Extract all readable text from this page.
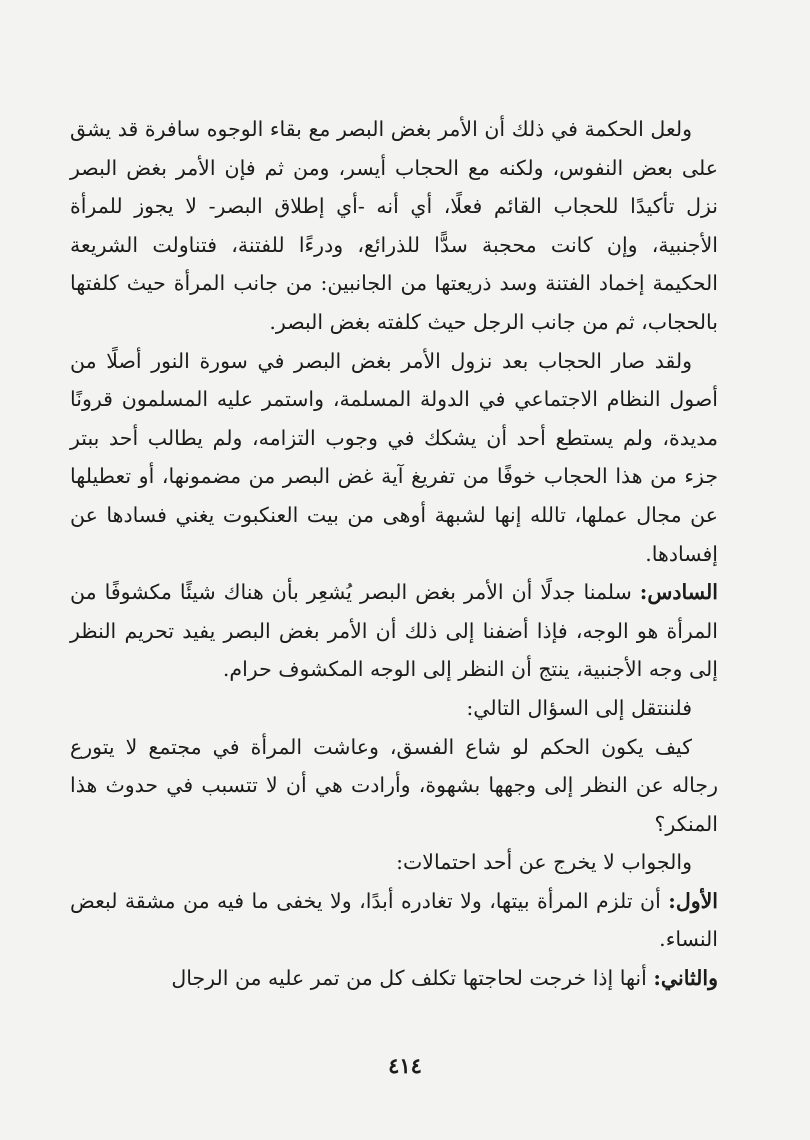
ولعل الحكمة في ذلك أن الأمر بغض البصر مع بقاء الوجوه سافرة قد يشق على بعض النفوس، ولكنه مع الحجاب أيسر، ومن ثم فإن الأمر بغض البصر نزل تأكيدًا للحجاب القائم فعلًا، أي أنه -أي إطلاق البصر- لا يجوز للمرأة الأجنبية، وإن كانت محجبة سدًّا للذرائع، ودرءًا للفتنة، فتناولت الشريعة الحكيمة إخماد الفتنة وسد ذريعتها من الجانبين: من جانب المرأة حيث كلفتها بالحجاب، ثم من جانب الرجل حيث كلفته بغض البصر.

ولقد صار الحجاب بعد نزول الأمر بغض البصر في سورة النور أصلًا من أصول النظام الاجتماعي في الدولة المسلمة، واستمر عليه المسلمون قرونًا مديدة، ولم يستطع أحد أن يشكك في وجوب التزامه، ولم يطالب أحد ببتر جزء من هذا الحجاب خوفًا من تفريغ آية غض البصر من مضمونها، أو تعطيلها عن مجال عملها، تالله إنها لشبهة أوهى من بيت العنكبوت يغني فسادها عن إفسادها.

السادس: سلمنا جدلًا أن الأمر بغض البصر يُشعِر بأن هناك شيئًا مكشوفًا من المرأة هو الوجه، فإذا أضفنا إلى ذلك أن الأمر بغض البصر يفيد تحريم النظر إلى وجه الأجنبية، ينتج أن النظر إلى الوجه المكشوف حرام.

فلننتقل إلى السؤال التالي:

كيف يكون الحكم لو شاع الفسق، وعاشت المرأة في مجتمع لا يتورع رجاله عن النظر إلى وجهها بشهوة، وأرادت هي أن لا تتسبب في حدوث هذا المنكر؟

والجواب لا يخرج عن أحد احتمالات:

الأول: أن تلزم المرأة بيتها، ولا تغادره أبدًا، ولا يخفى ما فيه من مشقة لبعض النساء.

والثاني: أنها إذا خرجت لحاجتها تكلف كل من تمر عليه من الرجال

٤١٤
